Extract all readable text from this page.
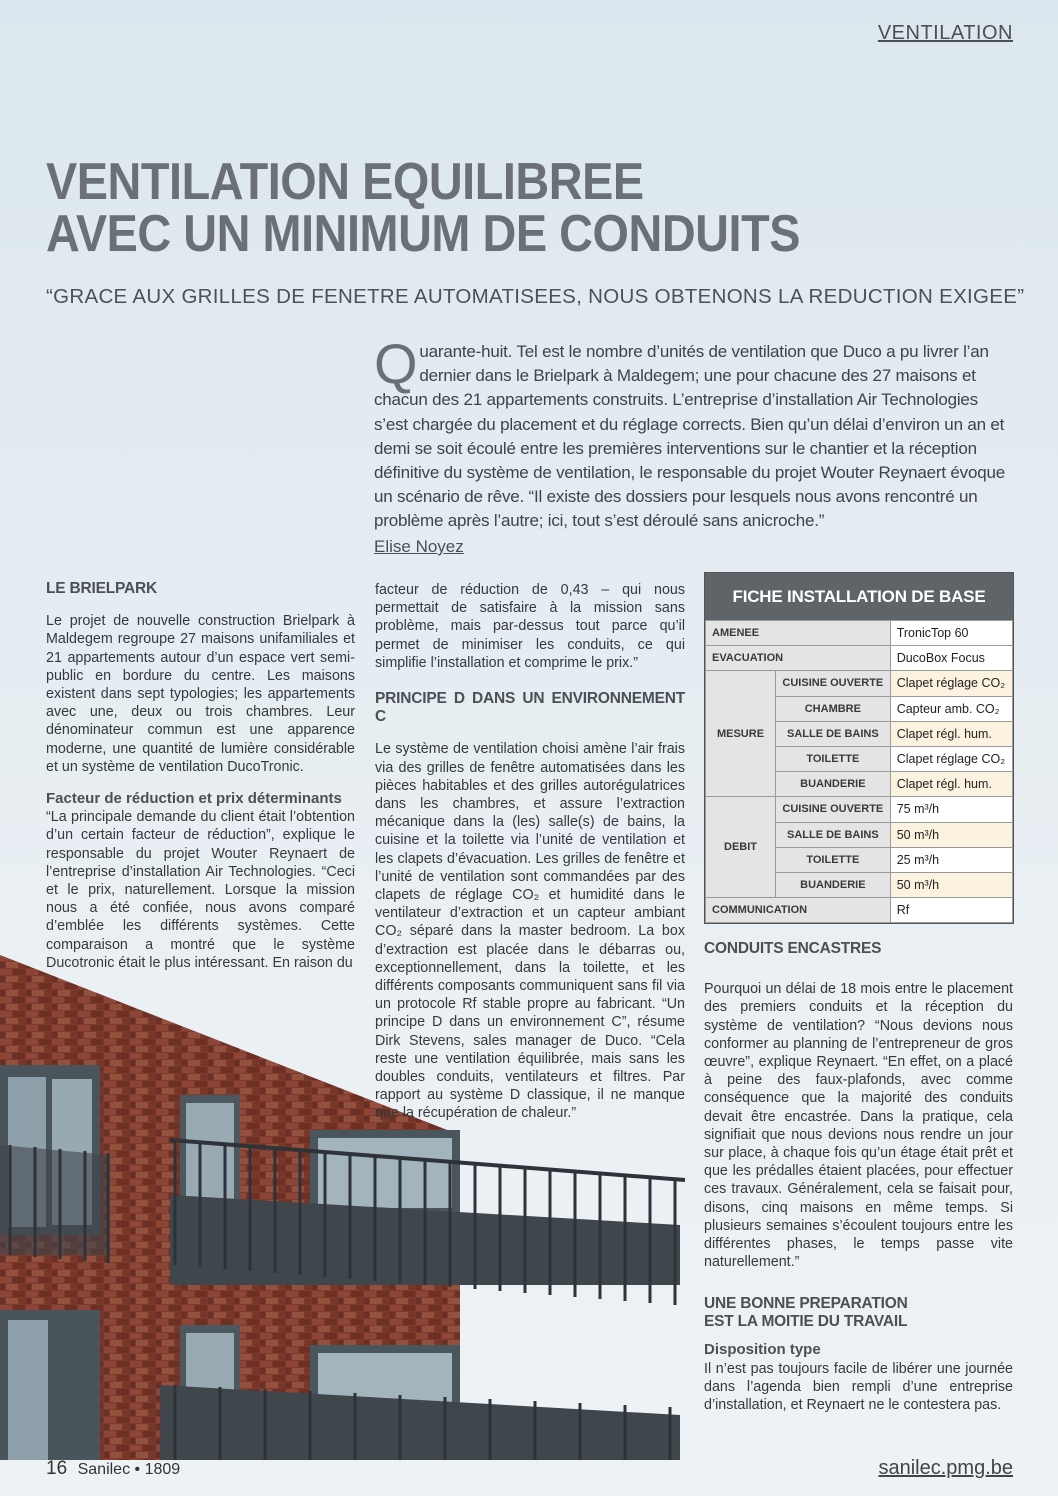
VENTILATION
VENTILATION EQUILIBREE
AVEC UN MINIMUM DE CONDUITS
“GRACE AUX GRILLES DE FENETRE AUTOMATISEES, NOUS OBTENONS LA REDUCTION EXIGEE”
Quarante-huit. Tel est le nombre d’unités de ventilation que Duco a pu livrer l’an dernier dans le Brielpark à Maldegem; une pour chacune des 27 maisons et chacun des 21 appartements construits. L’entreprise d’installation Air Technologies s’est chargée du placement et du réglage corrects. Bien qu’un délai d’environ un an et demi se soit écoulé entre les premières interventions sur le chantier et la réception définitive du système de ventilation, le responsable du projet Wouter Reynaert évoque un scénario de rêve. “Il existe des dossiers pour lesquels nous avons rencontré un problème après l’autre; ici, tout s’est déroulé sans anicroche.”
Elise Noyez
LE BRIELPARK

Le projet de nouvelle construction Brielpark à Maldegem regroupe 27 maisons unifamiliales et 21 appartements autour d’un espace vert semi-public en bordure du centre. Les maisons existent dans sept typologies; les appartements avec une, deux ou trois chambres. Leur dénominateur commun est une apparence moderne, une quantité de lumière considérable et un système de ventilation DucoTronic.

Facteur de réduction et prix déterminants

“La principale demande du client était l’obtention d’un certain facteur de réduction”, explique le responsable du projet Wouter Reynaert de l’entreprise d’installation Air Technologies. “Ceci et le prix, naturellement. Lorsque la mission nous a été confiée, nous avons comparé d’emblée les différents systèmes. Cette comparaison a montré que le système Ducotronic était le plus intéressant. En raison du

facteur de réduction de 0,43 – qui nous permettait de satisfaire à la mission sans problème, mais par-dessus tout parce qu’il permet de minimiser les conduits, ce qui simplifie l’installation et comprime le prix.”

PRINCIPE D DANS UN ENVIRONNEMENT C

Le système de ventilation choisi amène l’air frais via des grilles de fenêtre automatisées dans les pièces habitables et des grilles autorégulatrices dans les chambres, et assure l’extraction mécanique dans la (les) salle(s) de bains, la cuisine et la toilette via l’unité de ventilation et les clapets d’évacuation. Les grilles de fenêtre et l’unité de ventilation sont commandées par des clapets de réglage CO₂ et humidité dans le ventilateur d’extraction et un capteur ambiant CO₂ séparé dans la master bedroom. La box d’extraction est placée dans le débarras ou, exceptionnellement, dans la toilette, et les différents composants communiquent sans fil via un protocole Rf stable propre au fabricant. “Un principe D dans un environnement C”, résume Dirk Stevens, sales manager de Duco. “Cela reste une ventilation équilibrée, mais sans les doubles conduits, ventilateurs et filtres. Par rapport au système D classique, il ne manque que la récupération de chaleur.”

FICHE INSTALLATION DE BASE
AMENEE		TronicTop 60
EVACUATION		DucoBox Focus
MESURE	CUISINE OUVERTE	Clapet réglage CO₂
	CHAMBRE	Capteur amb. CO₂
	SALLE DE BAINS	Clapet régl. hum.
	TOILETTE	Clapet réglage CO₂
	BUANDERIE	Clapet régl. hum.
DEBIT	CUISINE OUVERTE	75 m³/h
	SALLE DE BAINS	50 m³/h
	TOILETTE	25 m³/h
	BUANDERIE	50 m³/h
COMMUNICATION		Rf
CONDUITS ENCASTRES

Pourquoi un délai de 18 mois entre le placement des premiers conduits et la réception du système de ventilation? “Nous devions nous conformer au planning de l’entrepreneur de gros œuvre”, explique Reynaert. “En effet, on a placé à peine des faux-plafonds, avec comme conséquence que la majorité des conduits devait être encastrée. Dans la pratique, cela signifiait que nous devions nous rendre un jour sur place, à chaque fois qu’un étage était prêt et que les prédalles étaient placées, pour effectuer ces travaux. Généralement, cela se faisait pour, disons, cinq maisons en même temps. Si plusieurs semaines s’écoulent toujours entre les différentes phases, le temps passe vite naturellement.”

UNE BONNE PREPARATION
EST LA MOITIE DU TRAVAIL
Disposition type

Il n’est pas toujours facile de libérer une journée dans l’agenda bien rempli d’une entreprise d’installation, et Reynaert ne le contestera pas.

16 Sanilec • 1809	sanilec.pmg.be
